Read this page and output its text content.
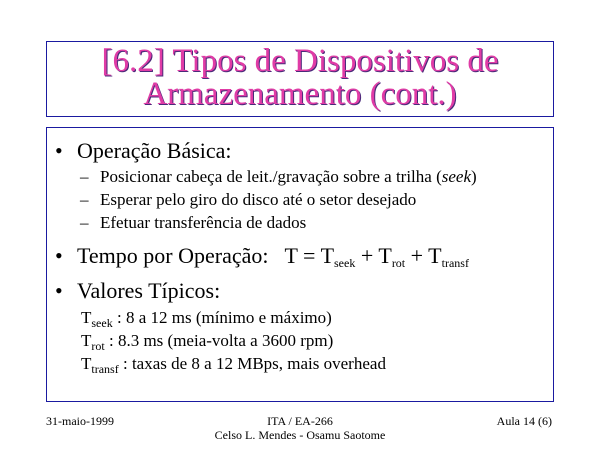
[6.2] Tipos de Dispositivos de
Armazenamento (cont.)
• Operação Básica:
– Posicionar cabeça de leit./gravação sobre a trilha (seek)
– Esperar pelo giro do disco até o setor desejado
– Efetuar transferência de dados
• Tempo por Operação: $T = T_{seek} + T_{rot} + T_{transf}$
• Valores Típicos:
$T_{seek}$ : 8 a 12 ms (mínimo e máximo)
$T_{rot}$ : 8.3 ms (meia-volta a 3600 rpm)
$T_{transf}$ : taxas de 8 a 12 MBps, mais overhead
31-maio-1999	ITA / EA-266
Celso L. Mendes - Osamu Saotome
Aula 14 (6)
